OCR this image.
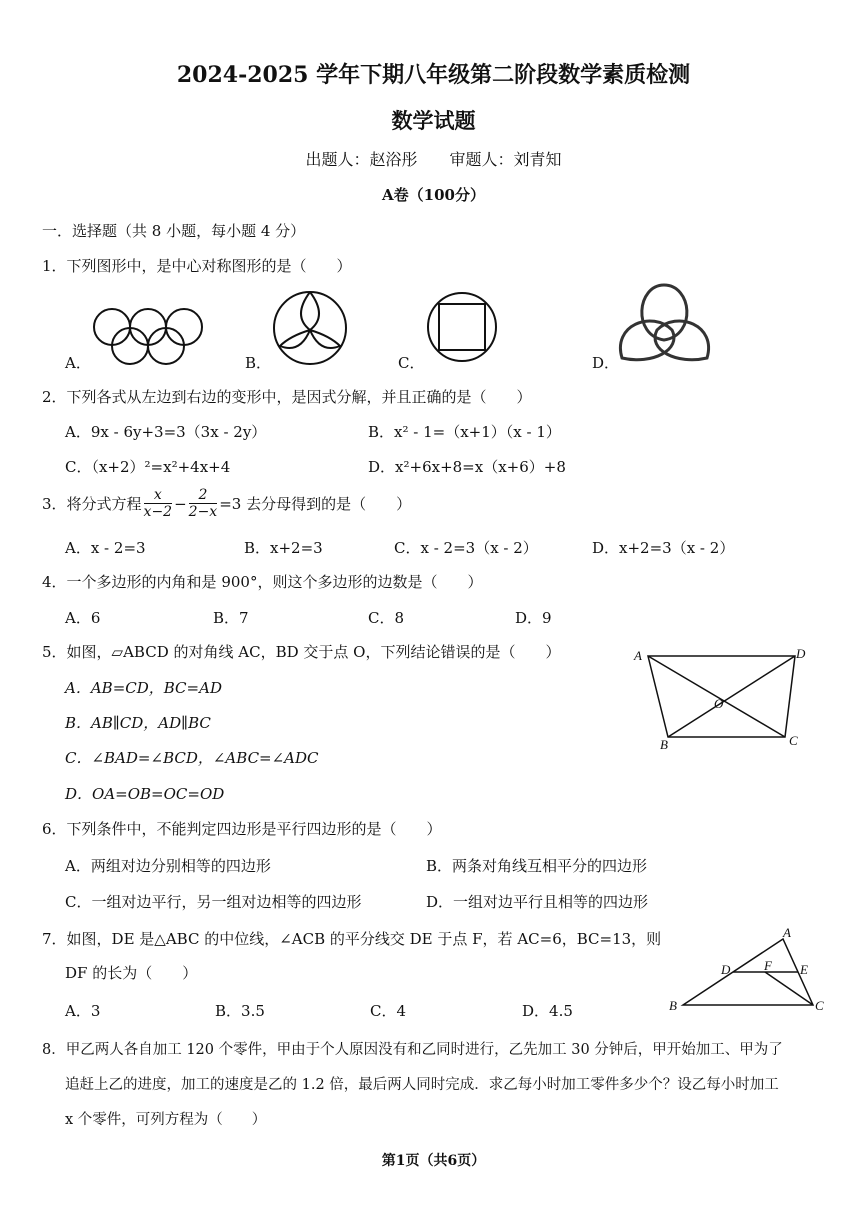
2024-2025 学年下期八年级第二阶段数学素质检测
数学试题
出题人：赵浴彤　　审题人：刘青知
A卷（100分）
一．选择题（共 8 小题，每小题 4 分）
1．下列图形中，是中心对称图形的是（　　）
A．	B．	C．	D．
2．下列各式从左边到右边的变形中，是因式分解，并且正确的是（　　）
A．9x - 6y+3=3（3x - 2y）	B．x² - 1=（x+1）（x - 1）
C．（x+2）²=x²+4x+4	D．x²+6x+8=x（x+6）+8
3．将分式方程 $\frac{x}{x-2} - \frac{2}{2-x} =3$ 去分母得到的是（　　）
A．x - 2=3	B．x+2=3	C．x - 2=3（x - 2）	D．x+2=3（x - 2）
4．一个多边形的内角和是 900°，则这个多边形的边数是（　　）
A．6	B．7	C．8	D．9
5．如图，▱ABCD 的对角线 AC，BD 交于点 O，下列结论错误的是（　　）
A．AB=CD，BC=AD
B．AB∥CD，AD∥BC
C．∠BAD=∠BCD，∠ABC=∠ADC
D．OA=OB=OC=OD
A	D
O
B	C
6．下列条件中，不能判定四边形是平行四边形的是（　　）
A．两组对边分别相等的四边形	B．两条对角线互相平分的四边形
C．一组对边平行，另一组对边相等的四边形	D．一组对边平行且相等的四边形
7．如图，DE 是△ABC 的中位线，∠ACB 的平分线交 DE 于点 F，若 AC=6，BC=13，则
DF 的长为（　　）
A．3	B．3.5	C．4	D．4.5
A
D	F E
B	C
8．甲乙两人各自加工 120 个零件，甲由于个人原因没有和乙同时进行，乙先加工 30 分钟后，甲开始加工、甲为了
追赶上乙的进度，加工的速度是乙的 1.2 倍，最后两人同时完成．求乙每小时加工零件多少个？设乙每小时加工
x 个零件，可列方程为（　　）
第1页（共6页）
